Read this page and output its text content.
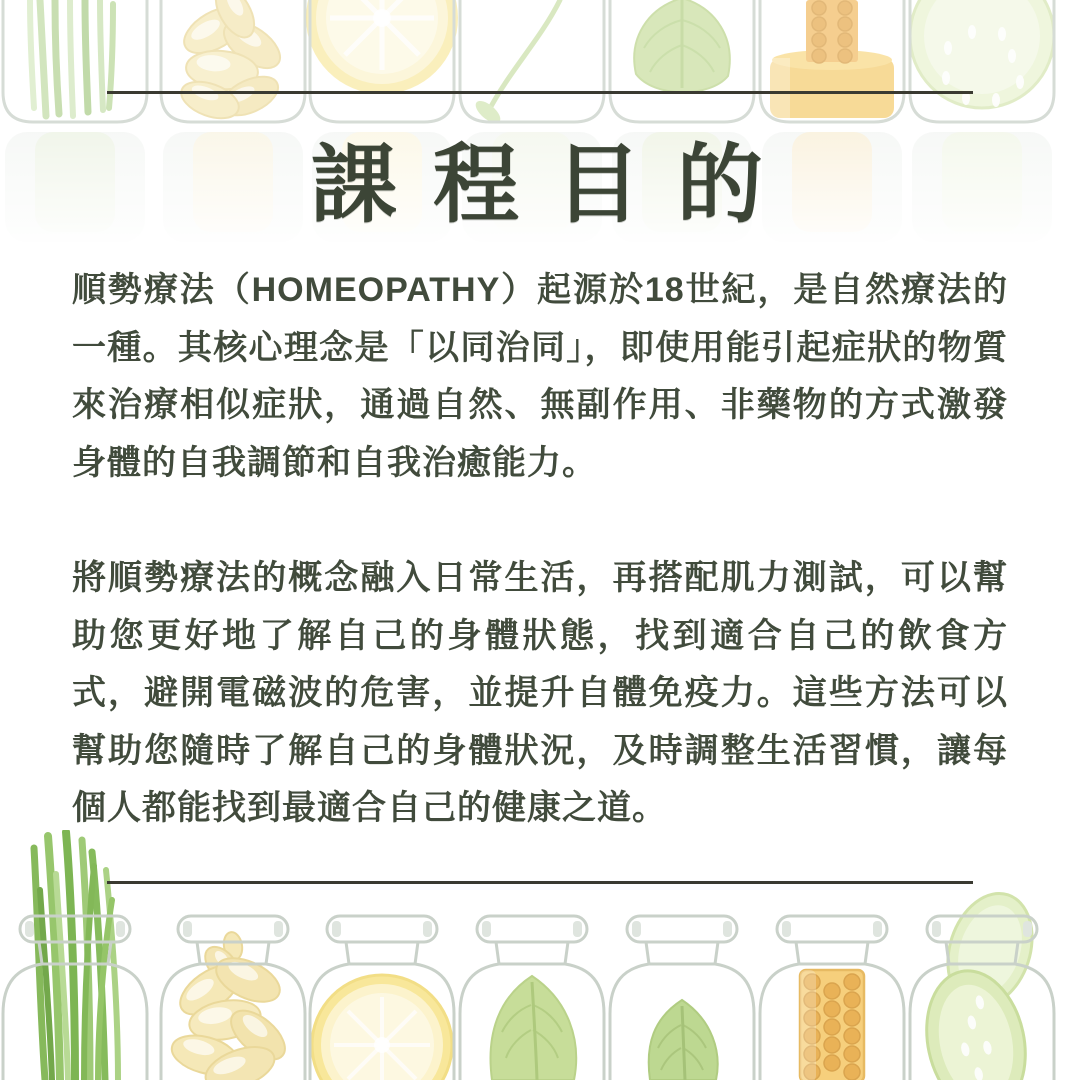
課 程 目 的

順勢療法（HOMEOPATHY）起源於18世紀，是自然療法的一種。其核心理念是「以同治同」，即使用能引起症狀的物質來治療相似症狀，通過自然、無副作用、非藥物的方式激發身體的自我調節和自我治癒能力。

將順勢療法的概念融入日常生活，再搭配肌力測試，可以幫助您更好地了解自己的身體狀態，找到適合自己的飲食方式，避開電磁波的危害，並提升自體免疫力。這些方法可以幫助您隨時了解自己的身體狀況，及時調整生活習慣，讓每個人都能找到最適合自己的健康之道。
